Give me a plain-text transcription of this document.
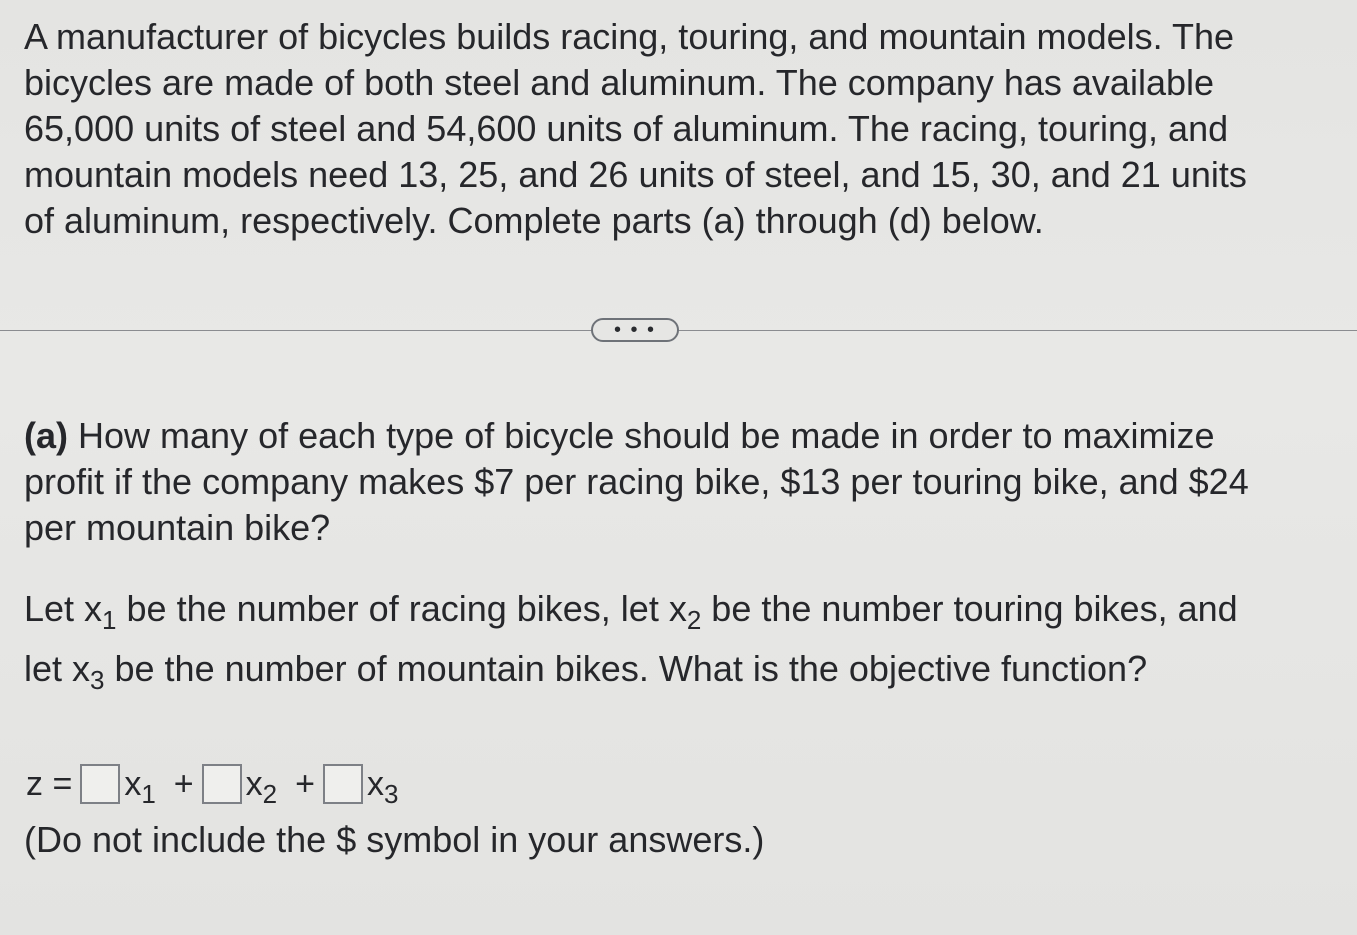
A manufacturer of bicycles builds racing, touring, and mountain models. The

bicycles are made of both steel and aluminum. The company has available

65,000 units of steel and 54,600 units of aluminum. The racing, touring, and

mountain models need 13, 25, and 26 units of steel, and 15, 30, and 21 units

of aluminum, respectively. Complete parts (a) through (d) below.

• • •

(a) How many of each type of bicycle should be made in order to maximize

profit if the company makes $7 per racing bike, $13 per touring bike, and $24

per mountain bike?

Let $x_1$ be the number of racing bikes, let $x_2$ be the number touring bikes, and
let $x_3$ be the number of mountain bikes. What is the objective function?
$z = x_1 + x_2 + x_3$
(Do not include the $ symbol in your answers.)
